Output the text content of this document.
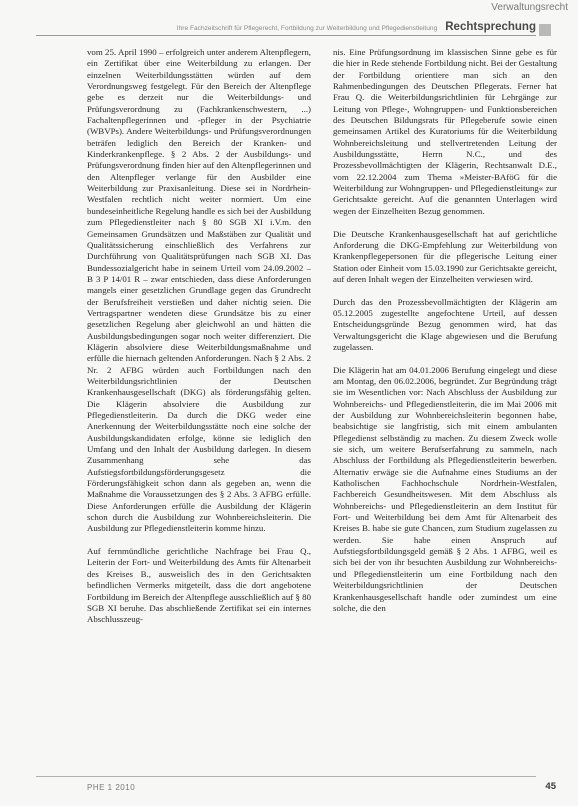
Verwaltungsrecht
Ihre Fachzeitschrift für Pflegerecht, Fortbildung zur Weiterbildung und Pflegedienstleitung Rechtsprechung

vom 25. April 1990 – erfolgreich unter anderem Altenpflegern, ein Zertifikat über eine Weiterbildung zu erlangen. Der einzelnen Weiterbildungsstätten würden auf dem Verordnungsweg festgelegt. Für den Bereich der Altenpflege gebe es derzeit nur die Weiterbildungs- und Prüfungsverordnung zu (Fachkrankenschwestern, ...) Fachaltenpflegerinnen und -pfleger in der Psychiatrie (WBVPs). Andere Weiterbildungs- und Prüfungsverordnungen beträfen lediglich den Bereich der Kranken- und Kinderkrankenpflege. § 2 Abs. 2 der Ausbildungs- und Prüfungsverordnung finden hier auf den Altenpflegerinnen und den Altenpfleger verlange für den Ausbilder eine Weiterbildung zur Praxisanleitung. Diese sei in Nordrhein-Westfalen rechtlich nicht weiter normiert. Um eine bundeseinheitliche Regelung handle es sich bei der Ausbildung zum Pflegedienstleiter nach § 80 SGB XI i.V.m. den Gemeinsamen Grundsätzen und Maßstäben zur Qualität und Qualitätssicherung einschließlich des Verfahrens zur Durchführung von Qualitätsprüfungen nach SGB XI. Das Bundessozialgericht habe in seinem Urteil vom 24.09.2002 – B 3 P 14/01 R – zwar entschieden, dass diese Anforderungen mangels einer gesetzlichen Grundlage gegen das Grundrecht der Berufsfreiheit verstießen und daher nichtig seien. Die Vertragspartner wendeten diese Grundsätze bis zu einer gesetzlichen Regelung aber gleichwohl an und hätten die Ausbildungsbedingungen sogar noch weiter differenziert. Die Klägerin absolviere diese Weiterbildungsmaßnahme und erfülle die hiernach geltenden Anforderungen. Nach § 2 Abs. 2 Nr. 2 AFBG würden auch Fortbildungen nach den Weiterbildungsrichtlinien der Deutschen Krankenhausgesellschaft (DKG) als förderungsfähig gelten. Die Klägerin absolviere die Ausbildung zur Pflegedienstleiterin. Da durch die DKG weder eine Anerkennung der Weiterbildungsstätte noch eine solche der Ausbildungskandidaten erfolge, könne sie lediglich den Umfang und den Inhalt der Ausbildung darlegen. In diesem Zusammenhang sehe das Aufstiegsfortbildungsförderungsgesetz die Förderungsfähigkeit schon dann als gegeben an, wenn die Maßnahme die Voraussetzungen des § 2 Abs. 3 AFBG erfülle. Diese Anforderungen erfülle die Ausbildung der Klägerin schon durch die Ausbildung zur Wohnbereichsleiterin. Die Ausbildung zur Pflegedienstleiterin komme hinzu.

Auf fernmündliche gerichtliche Nachfrage bei Frau Q., Leiterin der Fort- und Weiterbildung des Amts für Altenarbeit des Kreises B., ausweislich des in den Gerichtsakten befindlichen Vermerks mitgeteilt, dass die dort angebotene Fortbildung im Bereich der Altenpflege ausschließlich auf § 80 SGB XI beruhe. Das abschließende Zertifikat sei ein internes Abschlusszeug-

nis. Eine Prüfungsordnung im klassischen Sinne gebe es für die hier in Rede stehende Fortbildung nicht. Bei der Gestaltung der Fortbildung orientiere man sich an den Rahmenbedingungen des Deutschen Pflegerats. Ferner hat Frau Q. die Weiterbildungsrichtlinien für Lehrgänge zur Leitung von Pflege-, Wohngruppen- und Funktionsbereichen des Deutschen Bildungsrats für Pflegeberufe sowie einen gemeinsamen Artikel des Kuratoriums für die Weiterbildung Wohnbereichsleitung und stellvertretenden Leitung der Ausbildungsstätte, Herrn N.C., und des Prozessbevollmächtigten der Klägerin, Rechtsanwalt D.E., vom 22.12.2004 zum Thema »Meister-BAföG für die Weiterbildung zur Wohngruppen- und Pflegedienstleitung« zur Gerichtsakte gereicht. Auf die genannten Unterlagen wird wegen der Einzelheiten Bezug genommen.

Die Deutsche Krankenhausgesellschaft hat auf gerichtliche Anforderung die DKG-Empfehlung zur Weiterbildung von Krankenpflegepersonen für die pflegerische Leitung einer Station oder Einheit vom 15.03.1990 zur Gerichtsakte gereicht, auf deren Inhalt wegen der Einzelheiten verwiesen wird.

Durch das den Prozessbevollmächtigten der Klägerin am 05.12.2005 zugestellte angefochtene Urteil, auf dessen Entscheidungsgründe Bezug genommen wird, hat das Verwaltungsgericht die Klage abgewiesen und die Berufung zugelassen.

Die Klägerin hat am 04.01.2006 Berufung eingelegt und diese am Montag, den 06.02.2006, begründet. Zur Begründung trägt sie im Wesentlichen vor: Nach Abschluss der Ausbildung zur Wohnbereichs- und Pflegedienstleiterin, die im Mai 2006 mit der Ausbildung zur Wohnbereichsleiterin begonnen habe, beabsichtige sie langfristig, sich mit einem ambulanten Pflegedienst selbständig zu machen. Zu diesem Zweck wolle sie sich, um weitere Berufserfahrung zu sammeln, nach Abschluss der Fortbildung als Pflegedienstleiterin bewerben. Alternativ erwäge sie die Aufnahme eines Studiums an der Katholischen Fachhochschule Nordrhein-Westfalen, Fachbereich Gesundheitswesen. Mit dem Abschluss als Wohnbereichs- und Pflegedienstleiterin an dem Institut für Fort- und Weiterbildung bei dem Amt für Altenarbeit des Kreises B. habe sie gute Chancen, zum Studium zugelassen zu werden. Sie habe einen Anspruch auf Aufstiegsfortbildungsgeld gemäß § 2 Abs. 1 AFBG, weil es sich bei der von ihr besuchten Ausbildung zur Wohnbereichs- und Pflegedienstleiterin um eine Fortbildung nach den Weiterbildungsrichtlinien der Deutschen Krankenhausgesellschaft handle oder zumindest um eine solche, die den

PHE 1 2010	45
